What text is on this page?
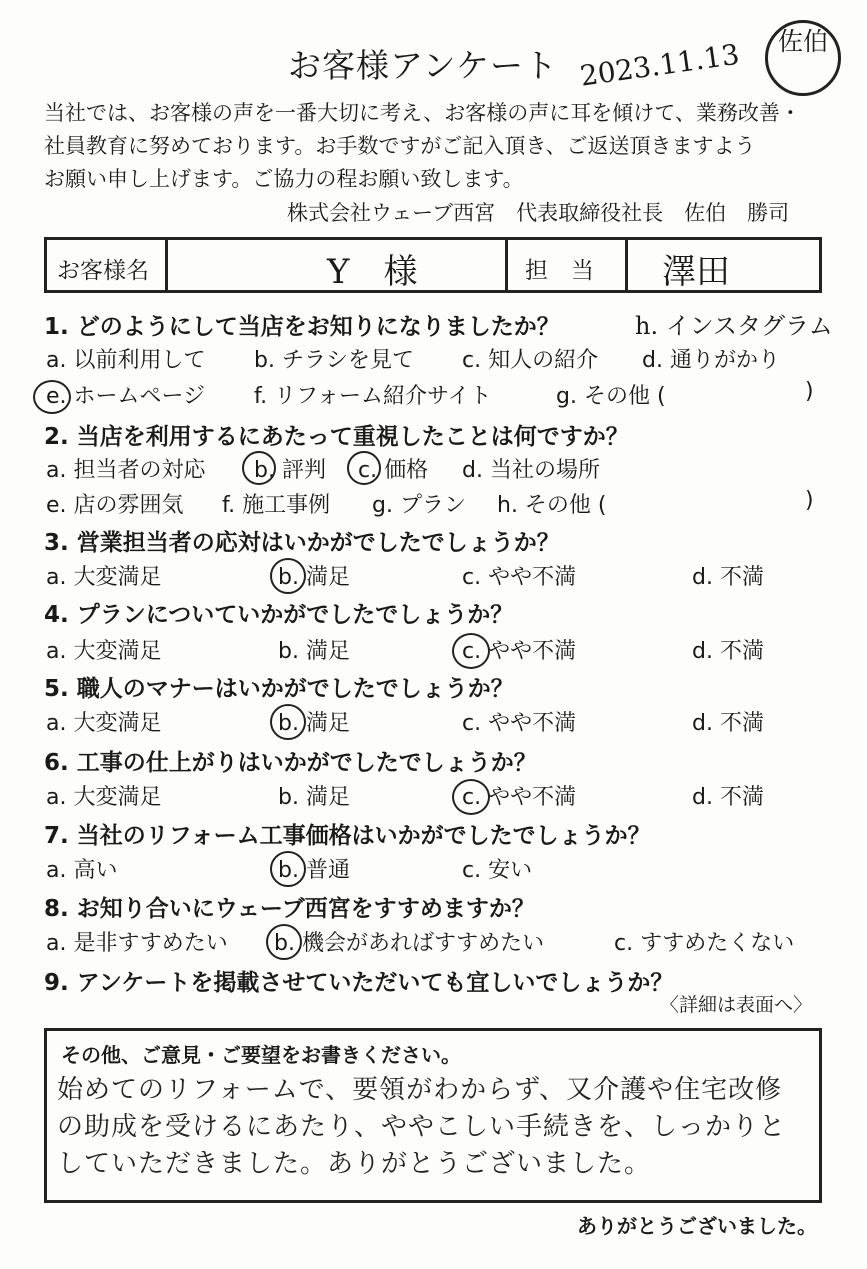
お客様アンケート 2023.11.13	佐伯
当社では、お客様の声を一番大切に考え、お客様の声に耳を傾けて、業務改善・
社員教育に努めております。お手数ですがご記入頂き、ご返送頂きますよう
お願い申し上げます。ご協力の程お願い致します。
株式会社ウェーブ西宮　代表取締役社長　佐伯　勝司
お客様名	Y　様	担　当 澤田
1. どのようにして当店をお知りになりましたか？	h. インスタグラム
a. 以前利用して b. チラシを見て c. 知人の紹介 d. 通りがかり
e. ホームページ f. リフォーム紹介サイト	g. その他 (	)
2. 当店を利用するにあたって重視したことは何ですか？
a. 担当者の対応 b. 評判 c. 価格 d. 当社の場所
e. 店の雰囲気 f. 施工事例 g. プラン h. その他 (	)
3. 営業担当者の応対はいかがでしたでしょうか？
a. 大変満足	b. 満足	c. やや不満	d. 不満
4. プランについていかがでしたでしょうか？
a. 大変満足	b. 満足	c. やや不満	d. 不満
5. 職人のマナーはいかがでしたでしょうか？
a. 大変満足	b. 満足	c. やや不満	d. 不満
6. 工事の仕上がりはいかがでしたでしょうか？
a. 大変満足	b. 満足	c. やや不満	d. 不満
7. 当社のリフォーム工事価格はいかがでしたでしょうか？
a. 高い	b. 普通	c. 安い
8. お知り合いにウェーブ西宮をすすめますか？
a. 是非すすめたい b. 機会があればすすめたい	c. すすめたくない
9. アンケートを掲載させていただいても宜しいでしょうか？
〈詳細は表面へ〉
その他、ご意見・ご要望をお書きください。
始めてのリフォームで、要領がわからず、又介護や住宅改修
の助成を受けるにあたり、ややこしい手続きを、しっかりと
していただきました。ありがとうございました。
ありがとうございました。
